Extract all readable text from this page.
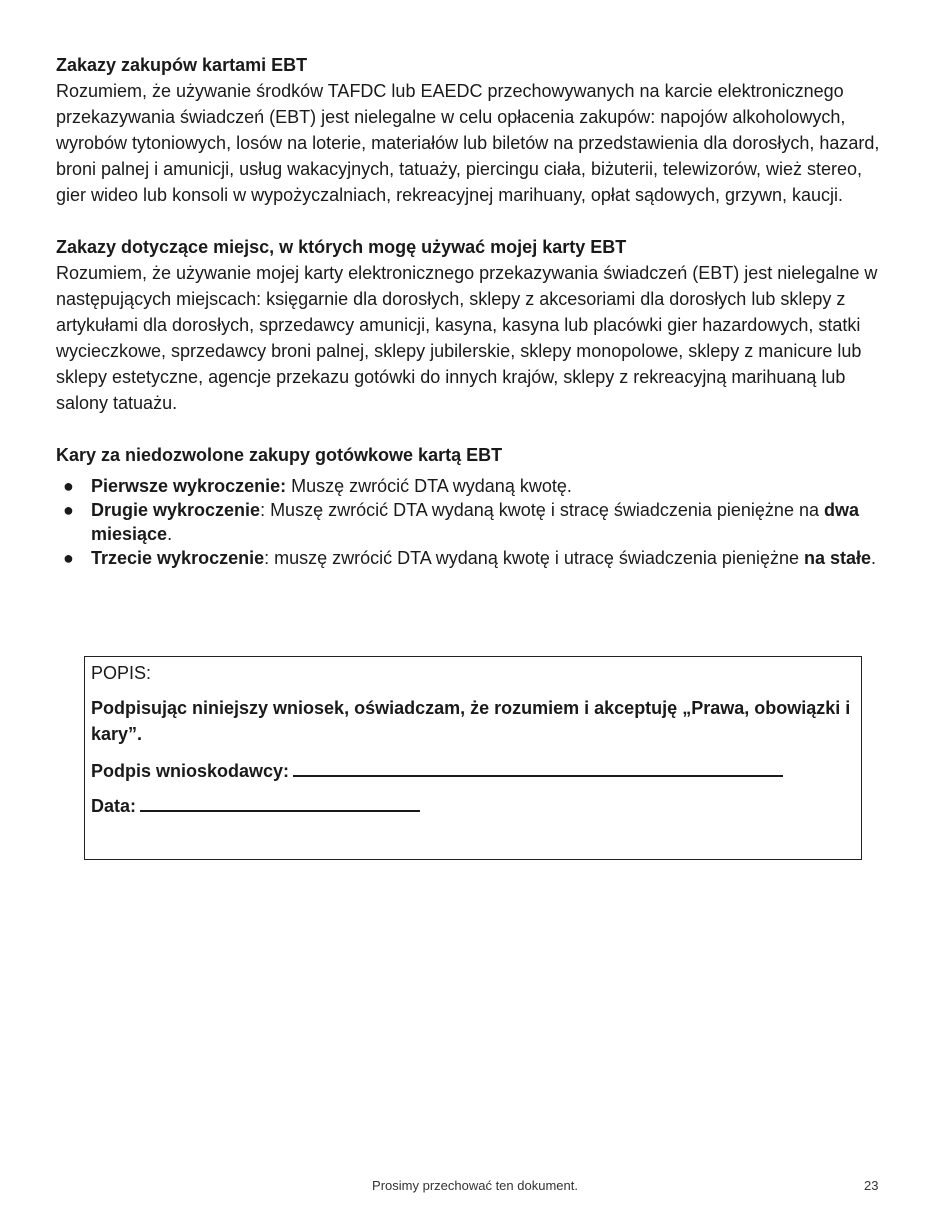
Zakazy zakupów kartami EBT

Rozumiem, że używanie środków TAFDC lub EAEDC przechowywanych na karcie elektronicznego przekazywania świadczeń (EBT) jest nielegalne w celu opłacenia zakupów: napojów alkoholowych, wyrobów tytoniowych, losów na loterie, materiałów lub biletów na przedstawienia dla dorosłych, hazard, broni palnej i amunicji, usług wakacyjnych, tatuaży, piercingu ciała, biżuterii, telewizorów, wież stereo, gier wideo lub konsoli w wypożyczalniach, rekreacyjnej marihuany, opłat sądowych, grzywn, kaucji.

Zakazy dotyczące miejsc, w których mogę używać mojej karty EBT

Rozumiem, że używanie mojej karty elektronicznego przekazywania świadczeń (EBT) jest nielegalne w następujących miejscach: księgarnie dla dorosłych, sklepy z akcesoriami dla dorosłych lub sklepy z artykułami dla dorosłych, sprzedawcy amunicji, kasyna, kasyna lub placówki gier hazardowych, statki wycieczkowe, sprzedawcy broni palnej, sklepy jubilerskie, sklepy monopolowe, sklepy z manicure lub sklepy estetyczne, agencje przekazu gotówki do innych krajów, sklepy z rekreacyjną marihuaną lub salony tatuażu.

Kary za niedozwolone zakupy gotówkowe kartą EBT

● Pierwsze wykroczenie: Muszę zwrócić DTA wydaną kwotę.
● Drugie wykroczenie: Muszę zwrócić DTA wydaną kwotę i stracę świadczenia pieniężne na dwa miesiące.
● Trzecie wykroczenie: muszę zwrócić DTA wydaną kwotę i utracę świadczenia pieniężne na stałe.

POPIS:

Podpisując niniejszy wniosek, oświadczam, że rozumiem i akceptuję „Prawa, obowiązki i kary”.

Podpis wnioskodawcy:

Data:

Prosimy przechować ten dokument.	23
